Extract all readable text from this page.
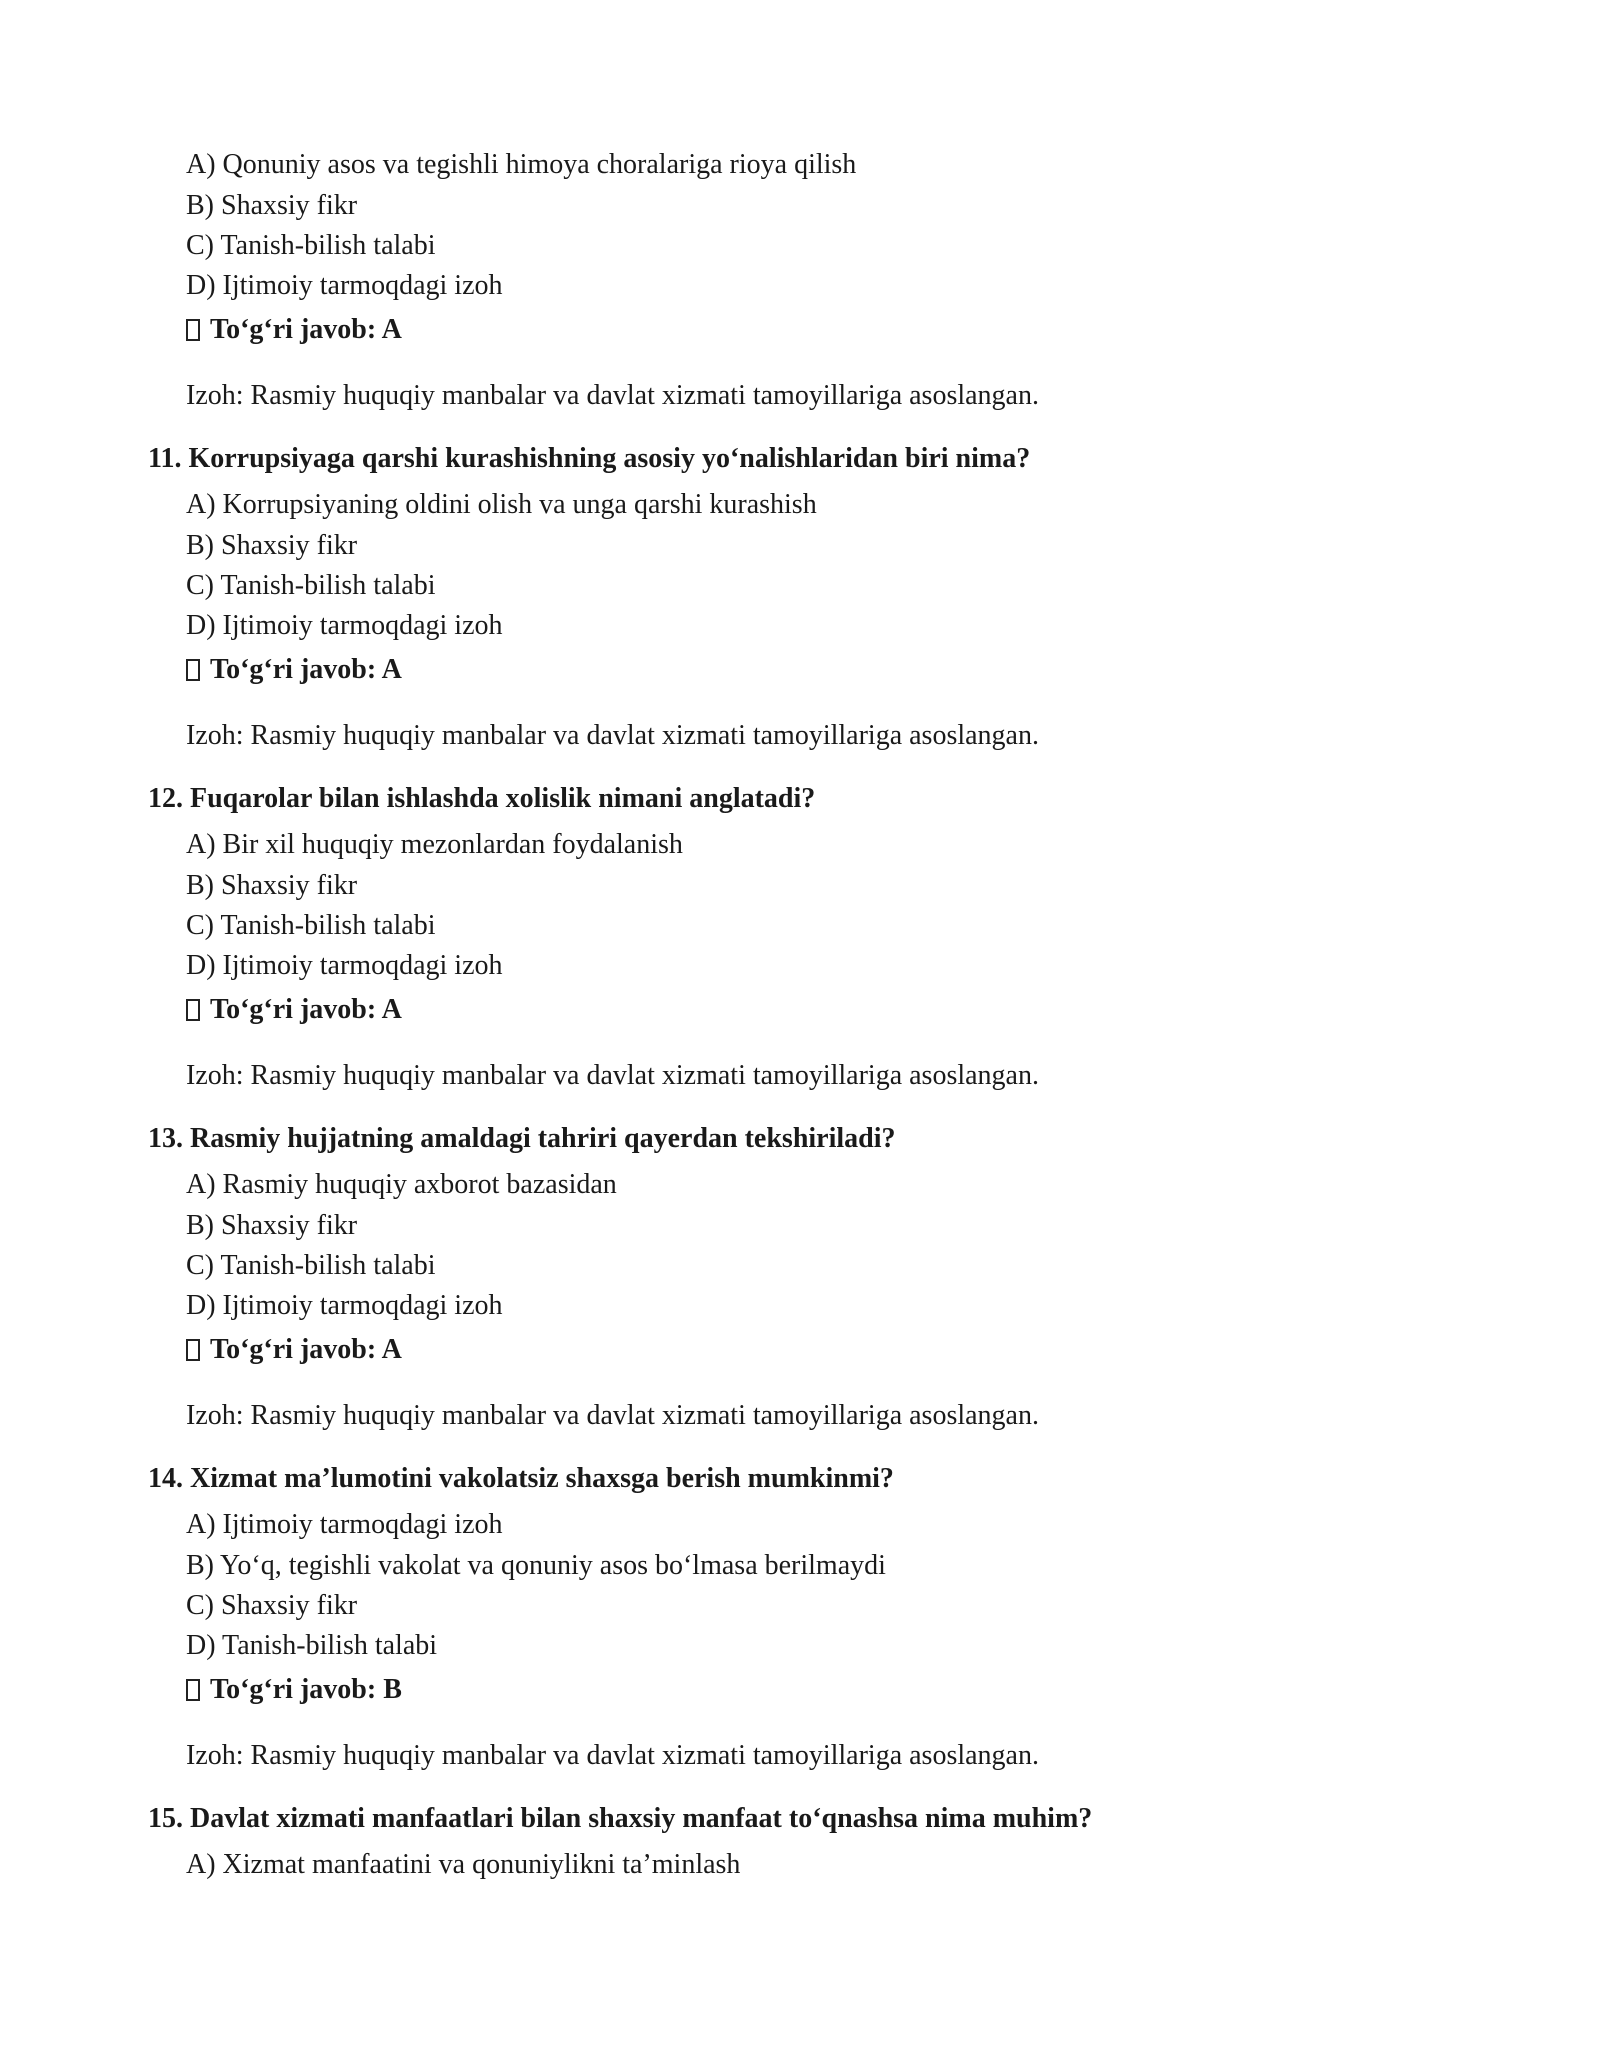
A) Qonuniy asos va tegishli himoya choralariga rioya qilish
B) Shaxsiy fikr
C) Tanish-bilish talabi
D) Ijtimoiy tarmoqdagi izoh
To‘g‘ri javob: A
Izoh: Rasmiy huquqiy manbalar va davlat xizmati tamoyillariga asoslangan.
11. Korrupsiyaga qarshi kurashishning asosiy yo‘nalishlaridan biri nima?
A) Korrupsiyaning oldini olish va unga qarshi kurashish
B) Shaxsiy fikr
C) Tanish-bilish talabi
D) Ijtimoiy tarmoqdagi izoh
To‘g‘ri javob: A
Izoh: Rasmiy huquqiy manbalar va davlat xizmati tamoyillariga asoslangan.
12. Fuqarolar bilan ishlashda xolislik nimani anglatadi?
A) Bir xil huquqiy mezonlardan foydalanish
B) Shaxsiy fikr
C) Tanish-bilish talabi
D) Ijtimoiy tarmoqdagi izoh
To‘g‘ri javob: A
Izoh: Rasmiy huquqiy manbalar va davlat xizmati tamoyillariga asoslangan.
13. Rasmiy hujjatning amaldagi tahriri qayerdan tekshiriladi?
A) Rasmiy huquqiy axborot bazasidan
B) Shaxsiy fikr
C) Tanish-bilish talabi
D) Ijtimoiy tarmoqdagi izoh
To‘g‘ri javob: A
Izoh: Rasmiy huquqiy manbalar va davlat xizmati tamoyillariga asoslangan.
14. Xizmat ma’lumotini vakolatsiz shaxsga berish mumkinmi?
A) Ijtimoiy tarmoqdagi izoh
B) Yo‘q, tegishli vakolat va qonuniy asos bo‘lmasa berilmaydi
C) Shaxsiy fikr
D) Tanish-bilish talabi
To‘g‘ri javob: B
Izoh: Rasmiy huquqiy manbalar va davlat xizmati tamoyillariga asoslangan.
15. Davlat xizmati manfaatlari bilan shaxsiy manfaat to‘qnashsa nima muhim?
A) Xizmat manfaatini va qonuniylikni ta’minlash
